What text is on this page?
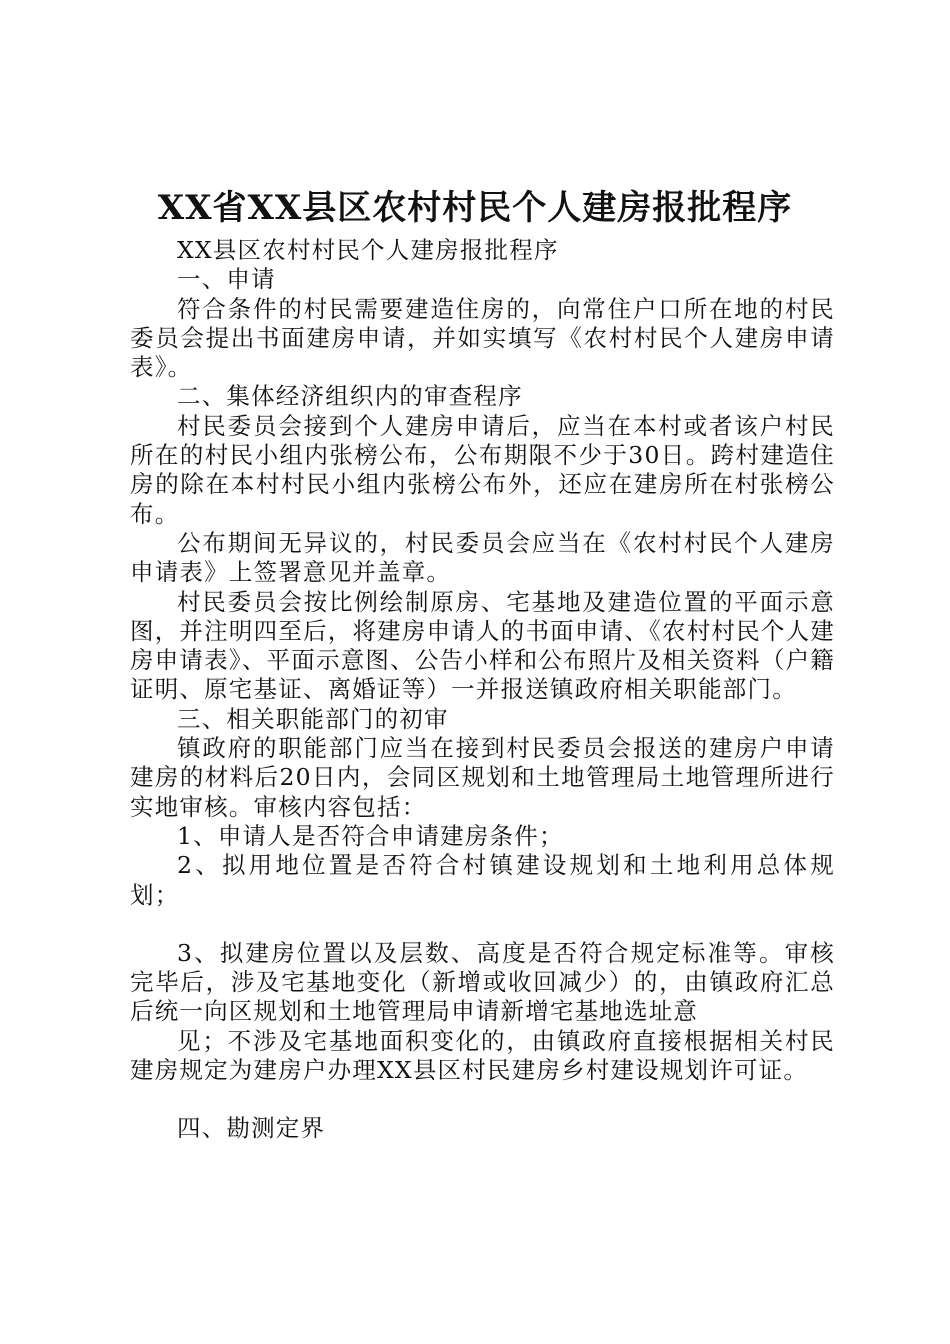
XX省XX县区农村村民个人建房报批程序

XX县区农村村民个人建房报批程序

一、申请

符合条件的村民需要建造住房的，向常住户口所在地的村民委员会提出书面建房申请，并如实填写《农村村民个人建房申请表》。

二、集体经济组织内的审查程序

村民委员会接到个人建房申请后，应当在本村或者该户村民所在的村民小组内张榜公布，公布期限不少于30日。跨村建造住房的除在本村村民小组内张榜公布外，还应在建房所在村张榜公布。

公布期间无异议的，村民委员会应当在《农村村民个人建房申请表》上签署意见并盖章。

村民委员会按比例绘制原房、宅基地及建造位置的平面示意图，并注明四至后，将建房申请人的书面申请、《农村村民个人建房申请表》、平面示意图、公告小样和公布照片及相关资料（户籍证明、原宅基证、离婚证等）一并报送镇政府相关职能部门。

三、相关职能部门的初审

镇政府的职能部门应当在接到村民委员会报送的建房户申请建房的材料后20日内，会同区规划和土地管理局土地管理所进行实地审核。审核内容包括：

1、申请人是否符合申请建房条件；

2、拟用地位置是否符合村镇建设规划和土地利用总体规划；

3、拟建房位置以及层数、高度是否符合规定标准等。审核完毕后，涉及宅基地变化（新增或收回减少）的，由镇政府汇总后统一向区规划和土地管理局申请新增宅基地选址意

见；不涉及宅基地面积变化的，由镇政府直接根据相关村民建房规定为建房户办理XX县区村民建房乡村建设规划许可证。

四、勘测定界
